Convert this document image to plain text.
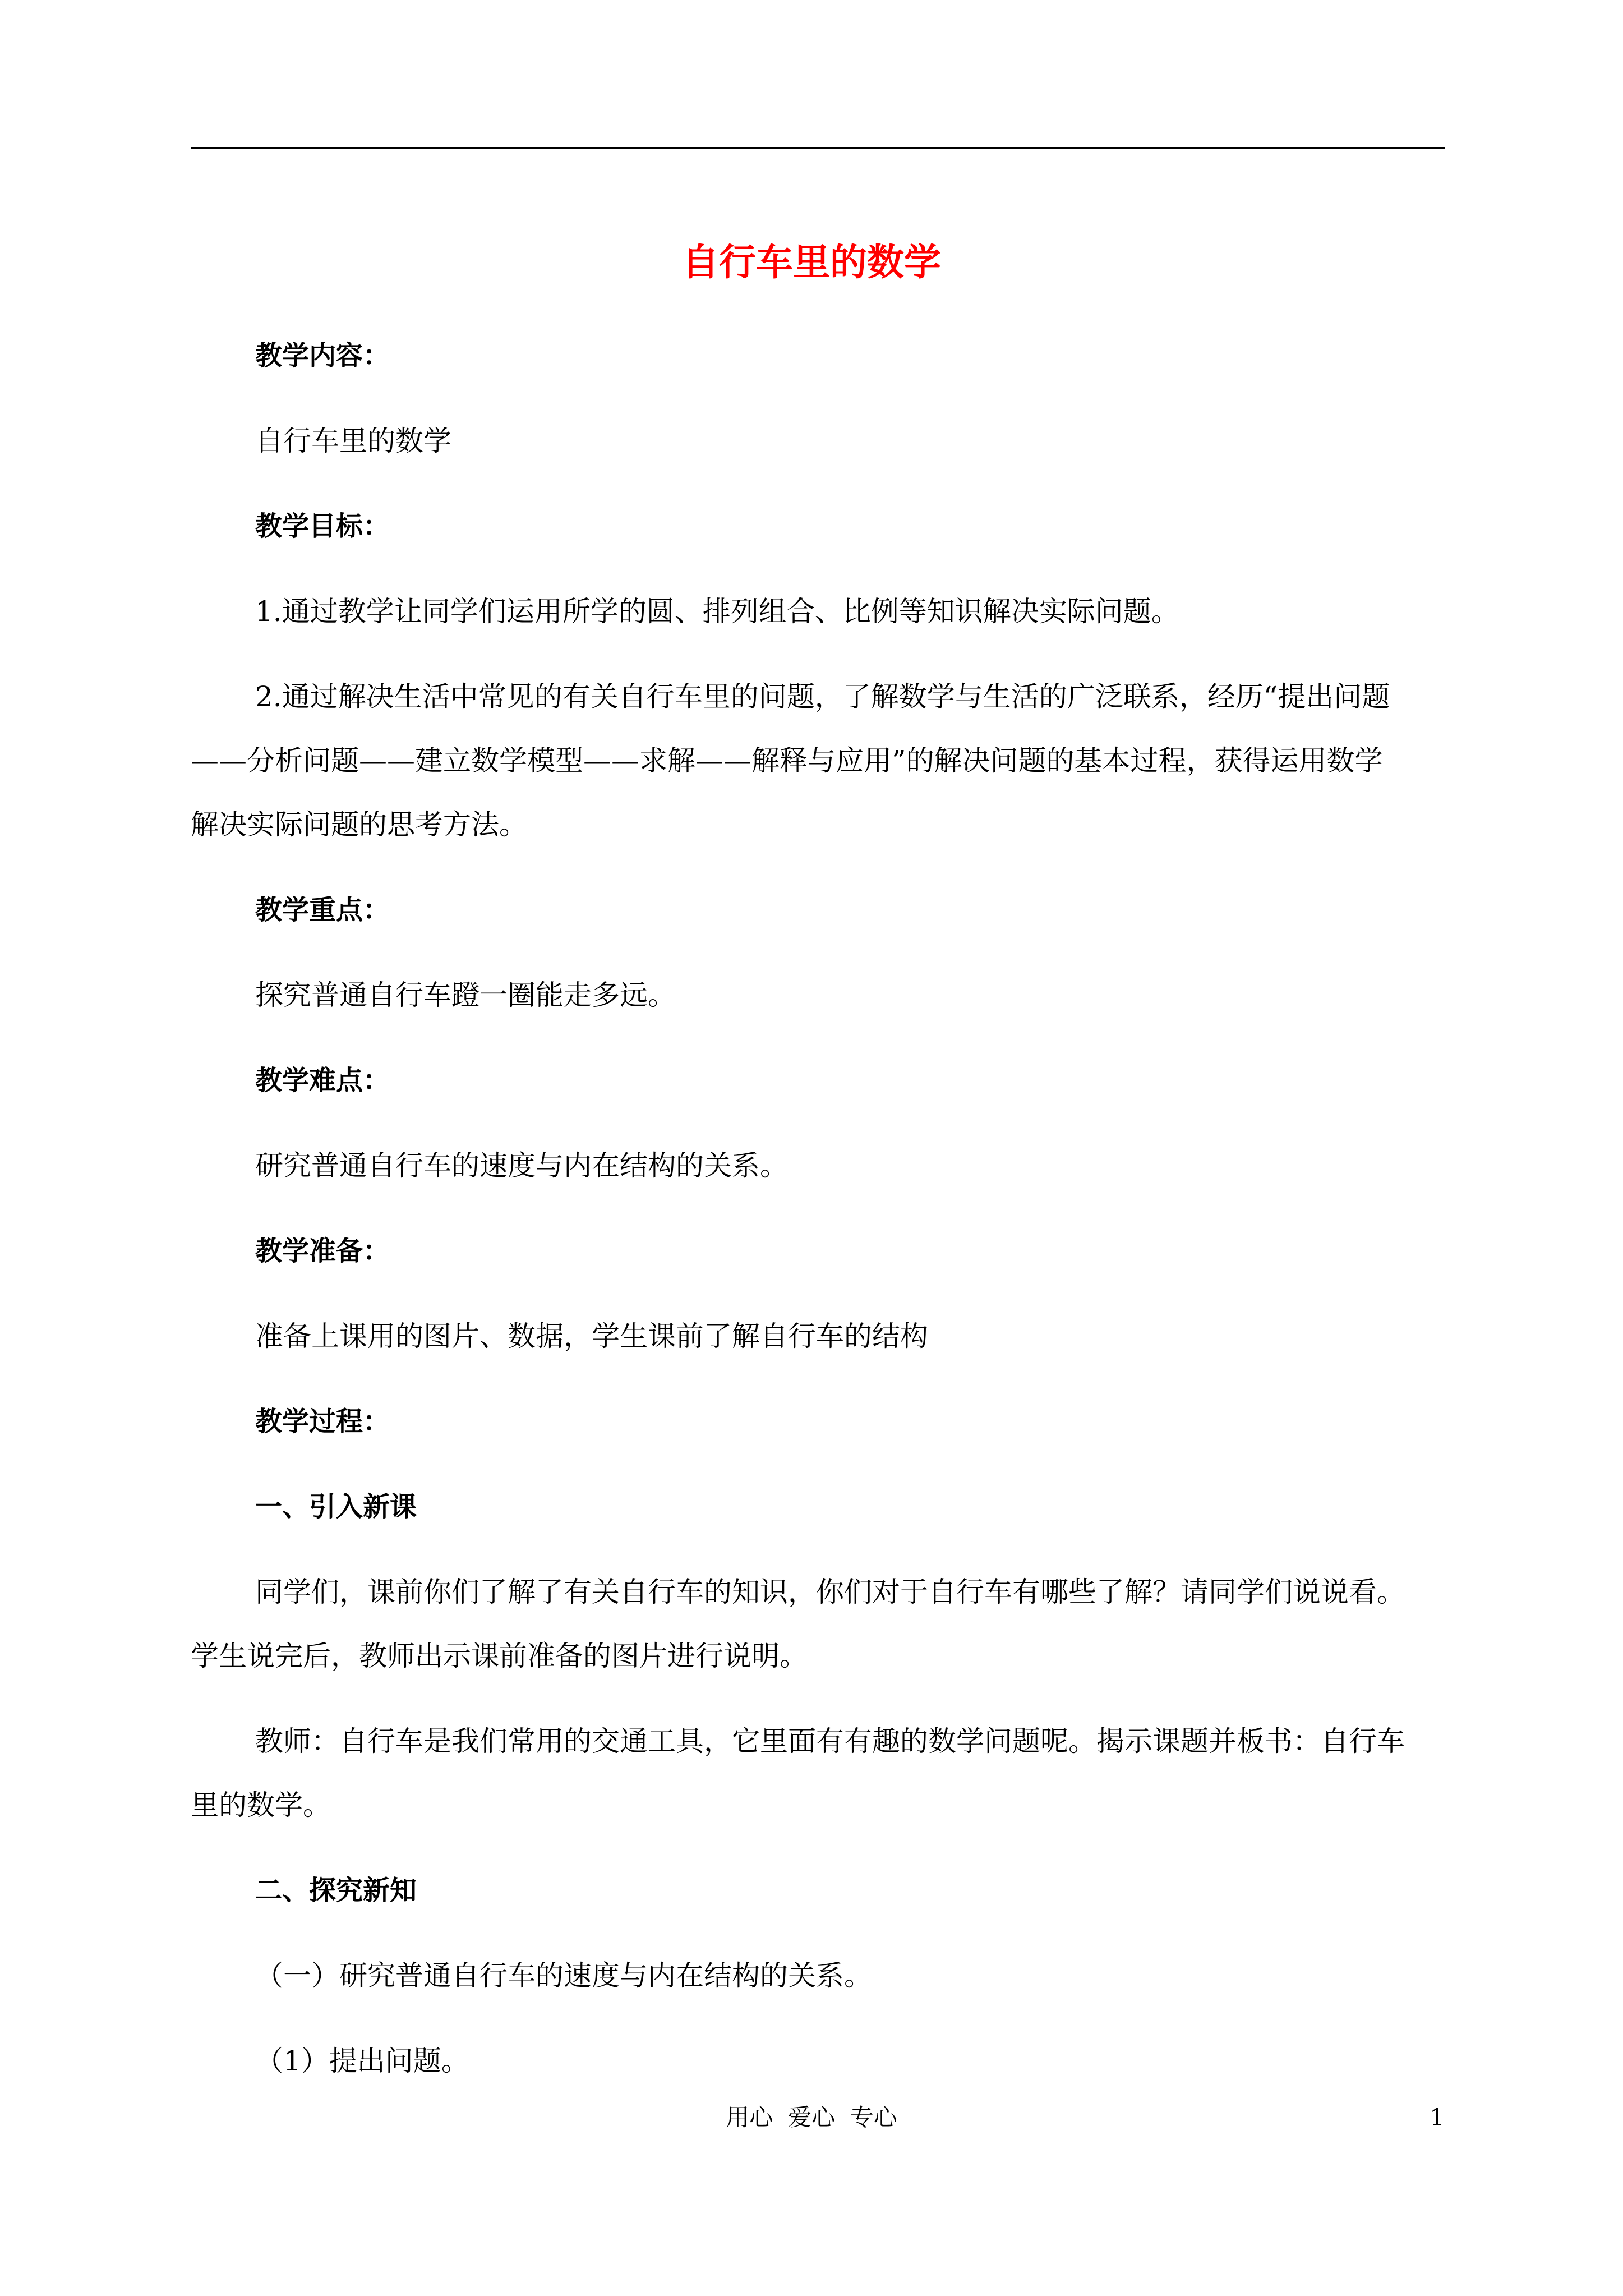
自行车里的数学
教学内容：
自行车里的数学
教学目标：
1.通过教学让同学们运用所学的圆、排列组合、比例等知识解决实际问题。
2.通过解决生活中常见的有关自行车里的问题，了解数学与生活的广泛联系，经历“提出问题
——分析问题——建立数学模型——求解——解释与应用”的解决问题的基本过程，获得运用数学
解决实际问题的思考方法。
教学重点：
探究普通自行车蹬一圈能走多远。
教学难点：
研究普通自行车的速度与内在结构的关系。
教学准备：
准备上课用的图片、数据，学生课前了解自行车的结构
教学过程：
一、引入新课
同学们，课前你们了解了有关自行车的知识，你们对于自行车有哪些了解？请同学们说说看。
学生说完后，教师出示课前准备的图片进行说明。
教师：自行车是我们常用的交通工具，它里面有有趣的数学问题呢。揭示课题并板书：自行车
里的数学。
二、探究新知
（一）研究普通自行车的速度与内在结构的关系。
（1）提出问题。
用心  爱心  专心	1
